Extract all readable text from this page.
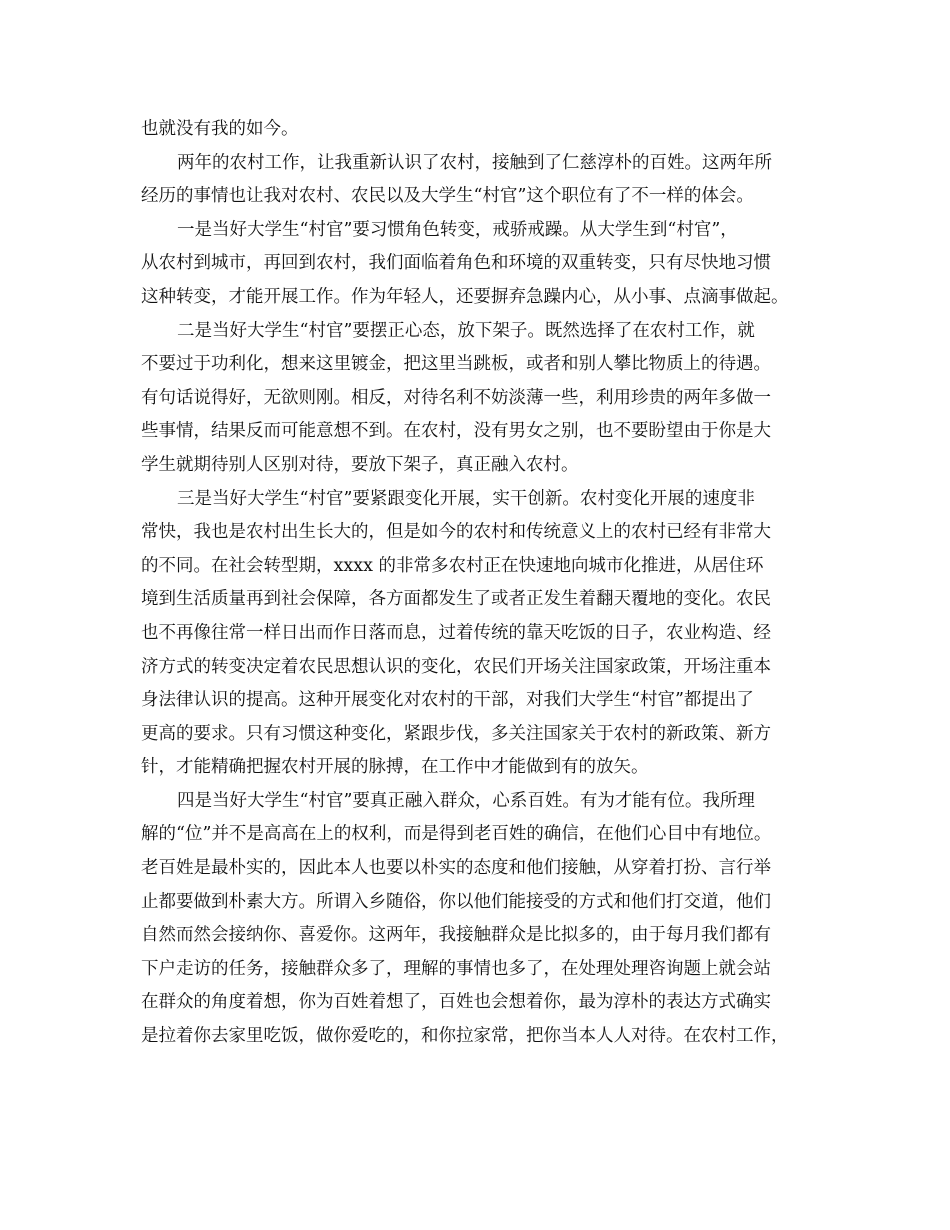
也就没有我的如今。
两年的农村工作，让我重新认识了农村，接触到了仁慈淳朴的百姓。这两年所
经历的事情也让我对农村、农民以及大学生“村官”这个职位有了不一样的体会。
一是当好大学生“村官”要习惯角色转变，戒骄戒躁。从大学生到“村官”，
从农村到城市，再回到农村，我们面临着角色和环境的双重转变，只有尽快地习惯
这种转变，才能开展工作。作为年轻人，还要摒弃急躁内心，从小事、点滴事做起。
二是当好大学生“村官”要摆正心态，放下架子。既然选择了在农村工作，就
不要过于功利化，想来这里镀金，把这里当跳板，或者和别人攀比物质上的待遇。
有句话说得好，无欲则刚。相反，对待名利不妨淡薄一些，利用珍贵的两年多做一
些事情，结果反而可能意想不到。在农村，没有男女之别，也不要盼望由于你是大
学生就期待别人区别对待，要放下架子，真正融入农村。
三是当好大学生“村官”要紧跟变化开展，实干创新。农村变化开展的速度非
常快，我也是农村出生长大的，但是如今的农村和传统意义上的农村已经有非常大
的不同。在社会转型期，xxxx 的非常多农村正在快速地向城市化推进，从居住环
境到生活质量再到社会保障，各方面都发生了或者正发生着翻天覆地的变化。农民
也不再像往常一样日出而作日落而息，过着传统的靠天吃饭的日子，农业构造、经
济方式的转变决定着农民思想认识的变化，农民们开场关注国家政策，开场注重本
身法律认识的提高。这种开展变化对农村的干部，对我们大学生“村官”都提出了
更高的要求。只有习惯这种变化，紧跟步伐，多关注国家关于农村的新政策、新方
针，才能精确把握农村开展的脉搏，在工作中才能做到有的放矢。
四是当好大学生“村官”要真正融入群众，心系百姓。有为才能有位。我所理
解的“位”并不是高高在上的权利，而是得到老百姓的确信，在他们心目中有地位。
老百姓是最朴实的，因此本人也要以朴实的态度和他们接触，从穿着打扮、言行举
止都要做到朴素大方。所谓入乡随俗，你以他们能接受的方式和他们打交道，他们
自然而然会接纳你、喜爱你。这两年，我接触群众是比拟多的，由于每月我们都有
下户走访的任务，接触群众多了，理解的事情也多了，在处理处理咨询题上就会站
在群众的角度着想，你为百姓着想了，百姓也会想着你，最为淳朴的表达方式确实
是拉着你去家里吃饭，做你爱吃的，和你拉家常，把你当本人人对待。在农村工作，
